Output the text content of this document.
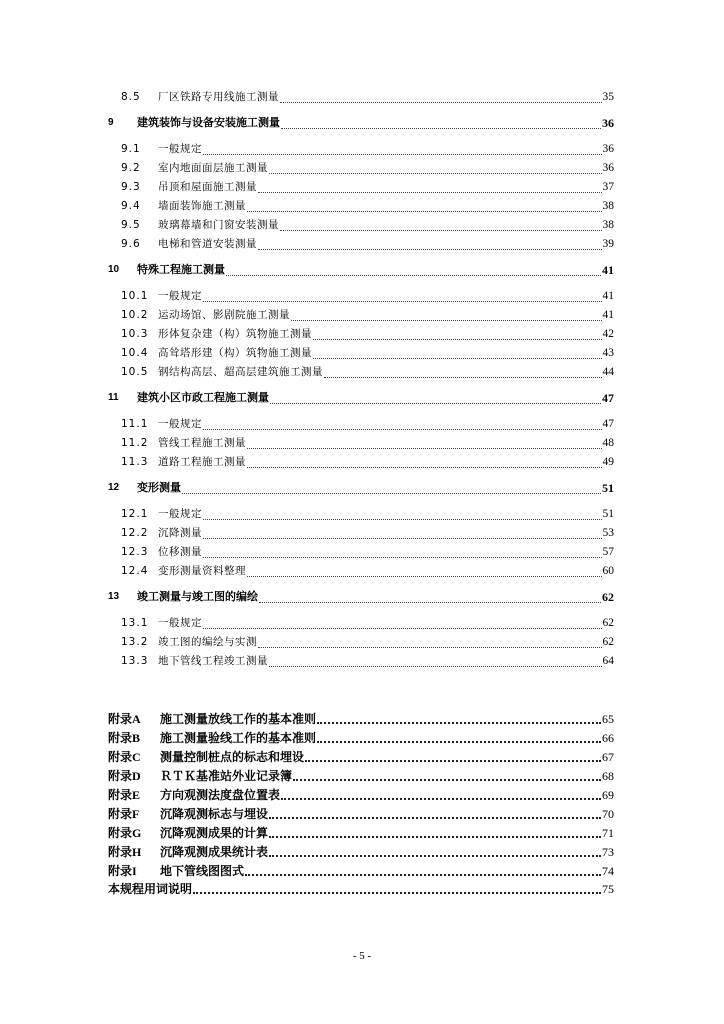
8.5	厂区铁路专用线施工测量	35
9	建筑装饰与设备安装施工测量	36
9.1	一般规定	36
9.2	室内地面面层施工测量	36
9.3	吊顶和屋面施工测量	37
9.4	墙面装饰施工测量	38
9.5	玻璃幕墙和门窗安装测量	38
9.6	电梯和管道安装测量	39
10	特殊工程施工测量	41
10.1 一般规定	41
10.2 运动场馆、影剧院施工测量	41
10.3 形体复杂建（构）筑物施工测量	42
10.4 高耸塔形建（构）筑物施工测量	43
10.5 钢结构高层、超高层建筑施工测量	44
11	建筑小区市政工程施工测量	47
11.1 一般规定	47
11.2 管线工程施工测量	48
11.3 道路工程施工测量	49
12	变形测量	51
12.1 一般规定	51
12.2 沉降测量	53
12.3 位移测量	57
12.4 变形测量资料整理	60
13	竣工测量与竣工图的编绘	62
13.1 一般规定	62
13.2 竣工图的编绘与实测	62
13.3 地下管线工程竣工测量	64
附录A	施工测量放线工作的基本准则	65
附录B	施工测量验线工作的基本准则	66
附录C	测量控制桩点的标志和埋设	67
附录D	ＲＴＫ基准站外业记录簿	68
附录E	方向观测法度盘位置表	69
附录F	沉降观测标志与埋设	70
附录G	沉降观测成果的计算	71
附录H	沉降观测成果统计表	73
附录I	地下管线图图式	74
本规程用词说明	75
- 5 -
